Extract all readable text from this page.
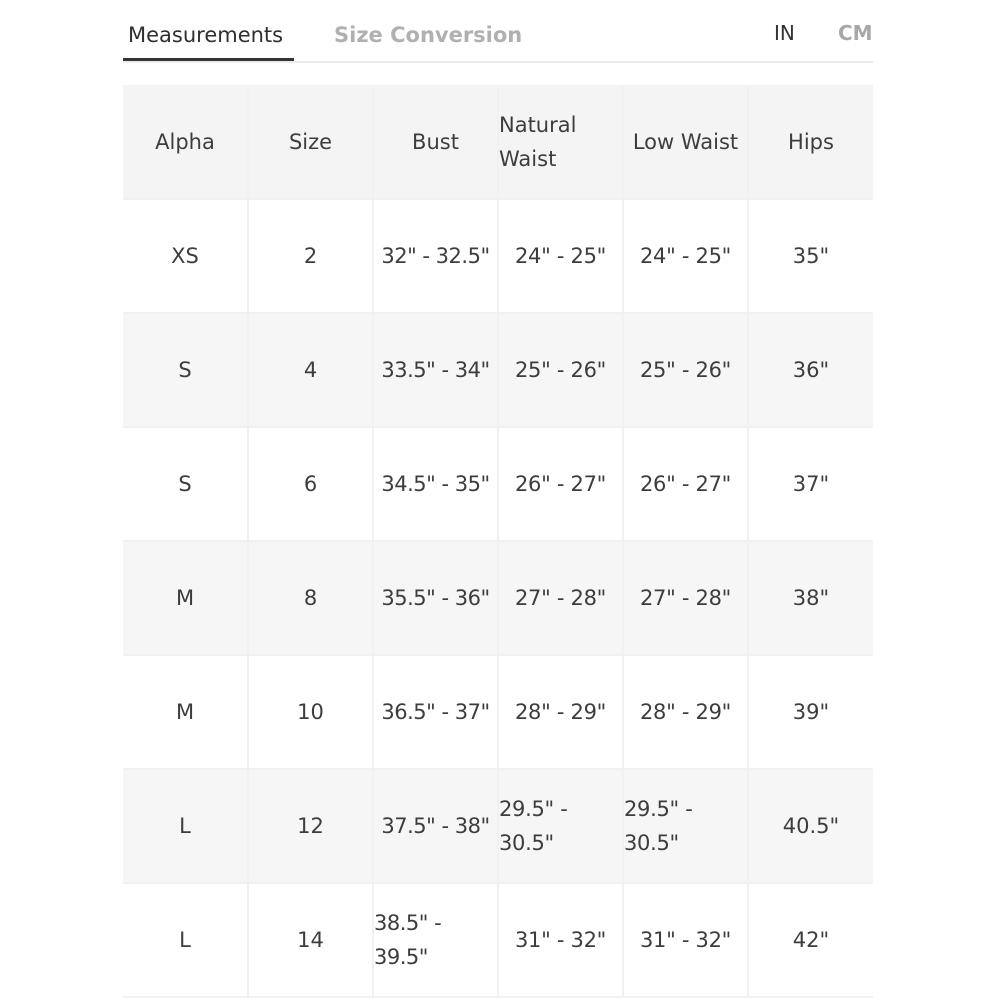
Measurements Size Conversion	IN CM
Alpha	Size	Bust	Natural Waist	Low Waist	Hips
XS	2	32" - 32.5"	24" - 25"	24" - 25"	35"
S	4	33.5" - 34"	25" - 26"	25" - 26"	36"
S	6	34.5" - 35"	26" - 27"	26" - 27"	37"
M	8	35.5" - 36"	27" - 28"	27" - 28"	38"
M	10	36.5" - 37"	28" - 29"	28" - 29"	39"
L	12	37.5" - 38"	29.5" - 30.5"	29.5" - 30.5"	40.5"
L	14	38.5" - 39.5"	31" - 32"	31" - 32"	42"
